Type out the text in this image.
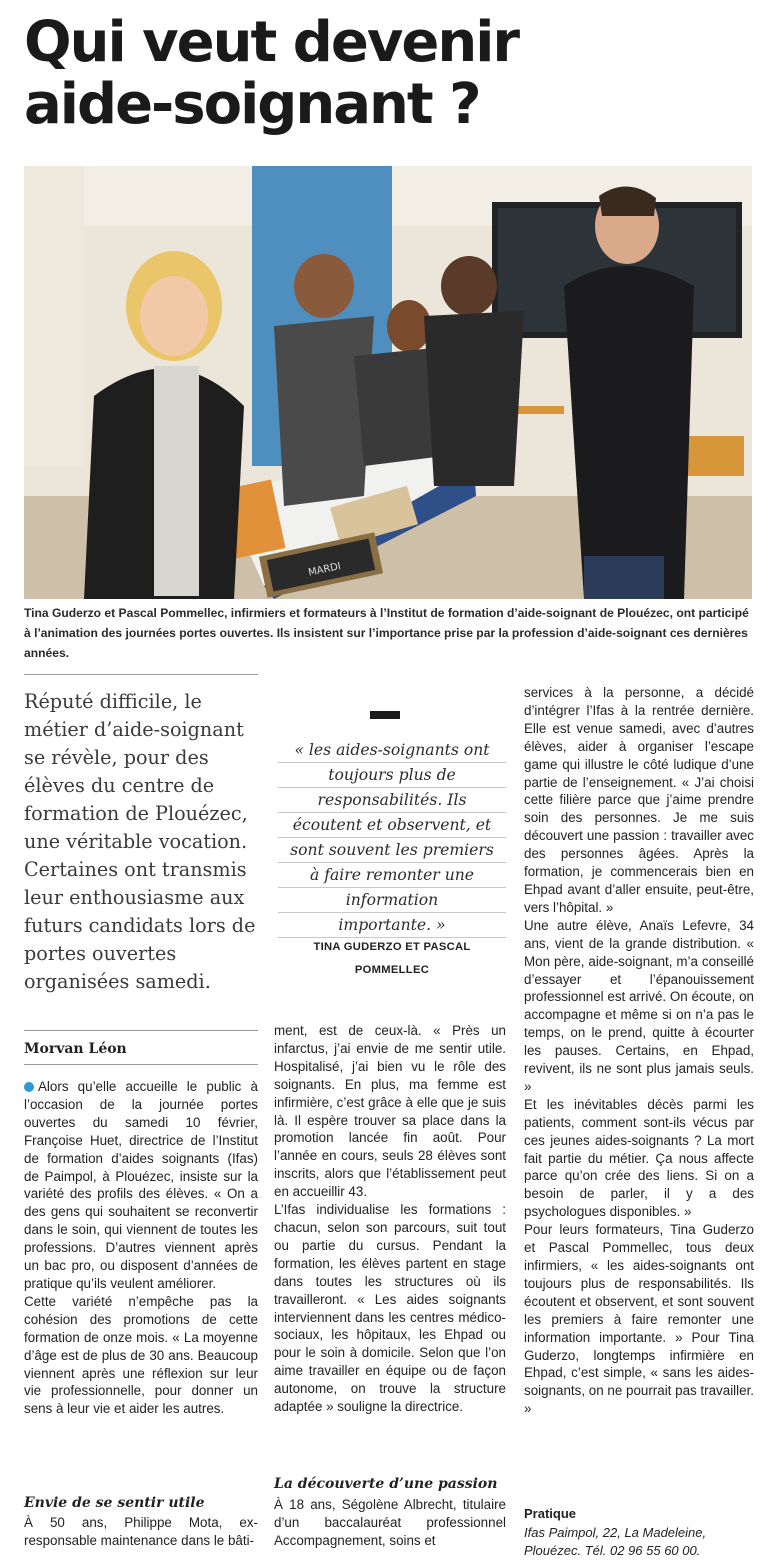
Qui veut devenir
aide-soignant ?
MARDI

Tina Guderzo et Pascal Pommellec, infirmiers et formateurs à l’Institut de formation d’aide-soignant de Plouézec, ont participé à l’animation des journées portes ouvertes. Ils insistent sur l’importance prise par la profession d’aide-soignant ces dernières années.

Réputé difficile, le métier d’aide-soignant se révèle, pour des élèves du centre de formation de Plouézec, une véritable vocation. Certaines ont transmis leur enthousiasme aux futurs candidats lors de portes ouvertes organisées samedi.

Morvan Léon

« les aides-soignants ont
toujours plus de
responsabilités. Ils
écoutent et observent, et
sont souvent les premiers
à faire remonter une
information
importante. »

TINA GUDERZO ET PASCAL
POMMELLEC

Alors qu’elle accueille le public à l’occasion de la journée portes ouvertes du samedi 10 février, Françoise Huet, directrice de l’Institut de formation d’aides soignants (Ifas) de Paimpol, à Plouézec, insiste sur la variété des profils des élèves. « On a des gens qui souhaitent se reconvertir dans le soin, qui viennent de toutes les professions. D’autres viennent après un bac pro, ou disposent d’années de pratique qu’ils veulent améliorer.

Cette variété n’empêche pas la cohésion des promotions de cette formation de onze mois. « La moyenne d’âge est de plus de 30 ans. Beaucoup viennent après une réflexion sur leur vie professionnelle, pour donner un sens à leur vie et aider les autres.

Envie de se sentir utile

À 50 ans, Philippe Mota, ex-responsable maintenance dans le bâti-

ment, est de ceux-là. « Près un infarctus, j’ai envie de me sentir utile. Hospitalisé, j’ai bien vu le rôle des soignants. En plus, ma femme est infirmière, c’est grâce à elle que je suis là. Il espère trouver sa place dans la promotion lancée fin août. Pour l’année en cours, seuls 28 élèves sont inscrits, alors que l’établissement peut en accueillir 43.

L’Ifas individualise les formations : chacun, selon son parcours, suit tout ou partie du cursus. Pendant la formation, les élèves partent en stage dans toutes les structures où ils travailleront. « Les aides soignants interviennent dans les centres médico-sociaux, les hôpitaux, les Ehpad ou pour le soin à domicile. Selon que l’on aime travailler en équipe ou de façon autonome, on trouve la structure adaptée » souligne la directrice.

La découverte d’une passion

À 18 ans, Ségolène Albrecht, titulaire d’un baccalauréat professionnel Accompagnement, soins et

services à la personne, a décidé d’intégrer l’Ifas à la rentrée dernière. Elle est venue samedi, avec d’autres élèves, aider à organiser l’escape game qui illustre le côté ludique d’une partie de l’enseignement. « J’ai choisi cette filière parce que j’aime prendre soin des personnes. Je me suis découvert une passion : travailler avec des personnes âgées. Après la formation, je commencerais bien en Ehpad avant d’aller ensuite, peut-être, vers l’hôpital. »

Une autre élève, Anaïs Lefevre, 34 ans, vient de la grande distribution. « Mon père, aide-soignant, m’a conseillé d’essayer et l’épanouissement professionnel est arrivé. On écoute, on accompagne et même si on n’a pas le temps, on le prend, quitte à écourter les pauses. Certains, en Ehpad, revivent, ils ne sont plus jamais seuls. »

Et les inévitables décès parmi les patients, comment sont-ils vécus par ces jeunes aides-soignants ? La mort fait partie du métier. Ça nous affecte parce qu’on crée des liens. Si on a besoin de parler, il y a des psychologues disponibles. »

Pour leurs formateurs, Tina Guderzo et Pascal Pommellec, tous deux infirmiers, « les aides-soignants ont toujours plus de responsabilités. Ils écoutent et observent, et sont souvent les premiers à faire remonter une information importante. » Pour Tina Guderzo, longtemps infirmière en Ehpad, c’est simple, « sans les aides-soignants, on ne pourrait pas travailler. »

Pratique

Ifas Paimpol, 22, La Madeleine, Plouézec. Tél. 02 96 55 60 00.
